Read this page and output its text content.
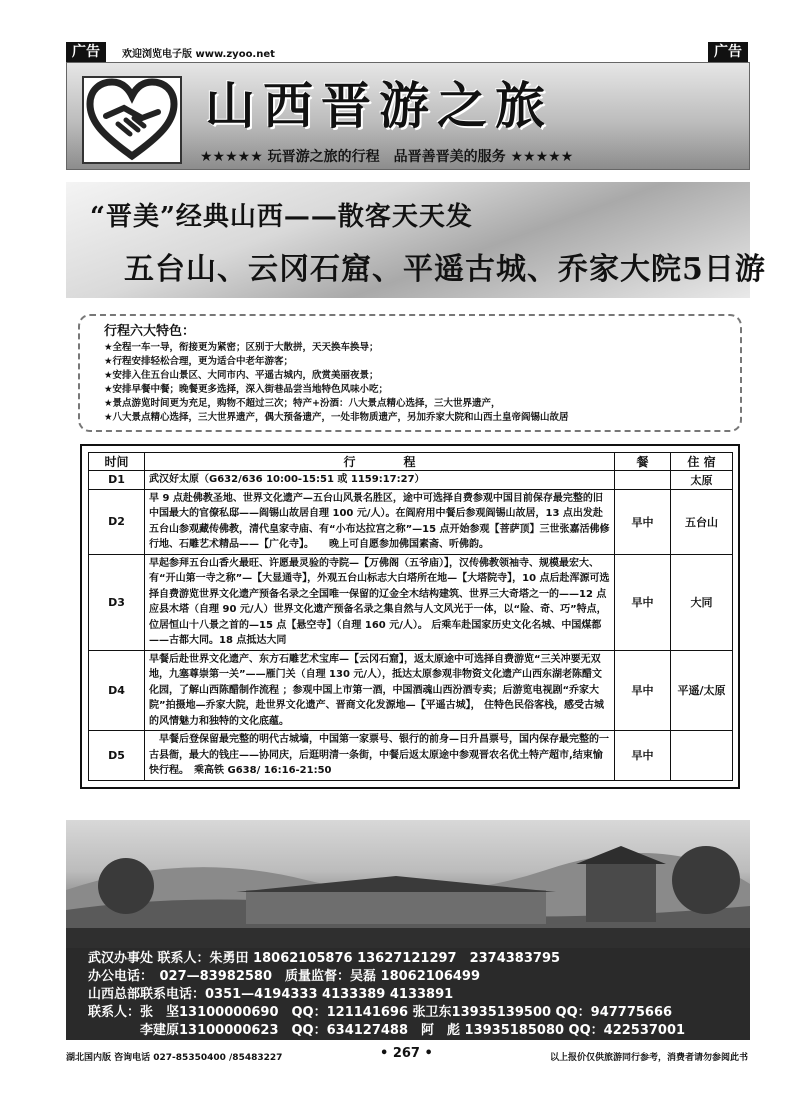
广告	欢迎浏览电子版 www.zyoo.net	广告
山西晋游之旅
★★★★★ 玩晋游之旅的行程　品晋善晋美的服务 ★★★★★
“晋美”经典山西——散客天天发
五台山、云冈石窟、平遥古城、乔家大院5日游
行程六大特色：
★全程一车一导，衔接更为紧密；区别于大散拼，天天换车换导；
★行程安排轻松合理，更为适合中老年游客；
★安排入住五台山景区、大同市内、平遥古城内，欣赏美丽夜景；
★安排早餐中餐；晚餐更多选择，深入街巷品尝当地特色风味小吃；
★景点游览时间更为充足，购物不超过三次；特产+汾酒：八大景点精心选择，三大世界遗产，
★八大景点精心选择，三大世界遗产，偶大预备遗产，一处非物质遗产，另加乔家大院和山西土皇帝阎锡山故居
时间	行　　　　程	餐	住 宿
D1	武汉好太原（G632/636 10:00-15:51 或 1159:17:27）		太原
D2	早 9 点赴佛教圣地、世界文化遗产—五台山风景名胜区，途中可选择自费参观中国目前保存最完整的旧中国最大的官僚私邸——阎锡山故居自理 100 元/人）。在阎府用中餐后参观阎锡山故居，13 点出发赴五台山参观藏传佛教，清代皇家寺庙、有“小布达拉宫之称”—15 点开始参观【菩萨顶】三世张嘉活佛修行地、石雕艺术精品——【广化寺】。　　晚上可自愿参加佛国素斋、听佛韵。	早中	五台山
D3	早起参拜五台山香火最旺、许愿最灵验的寺院—【万佛阁（五爷庙）】，汉传佛教领袖寺、规模最宏大、有“开山第一寺之称”—【大显通寺】，外观五台山标志大白塔所在地—【大塔院寺】，10 点后赴浑源可选择自费游览世界文化遗产预备名录之全国唯一保留的辽金全木结构建筑、世界三大奇塔之一的——12 点应县木塔（自理 90 元/人）世界文化遗产预备名录之集自然与人文风光于一体，以“险、奇、巧”特点，位居恒山十八景之首的—15 点【悬空寺】（自理 160 元/人）。 后乘车赴国家历史文化名城、中国煤都——古都大同。18 点抵达大同	早中	大同
D4	早餐后赴世界文化遗产、东方石雕艺术宝库—【云冈石窟】，返太原途中可选择自费游览“三关冲要无双地，九塞尊崇第一关”——雁门关（自理 130 元/人），抵达太原参观非物资文化遗产山西东湖老陈醋文化园，了解山西陈醋制作流程 ；参观中国上市第一酒，中国酒魂山西汾酒专卖；后游览电视剧“乔家大院”拍摄地—乔家大院，赴世界文化遗产、晋商文化发源地—【平遥古城】， 住特色民俗客栈，感受古城的风情魅力和独特的文化底蕴。	早中	平遥/太原
D5	　早餐后登保留最完整的明代古城墙，中国第一家票号、银行的前身—日升昌票号，国内保存最完整的一古县衙，最大的钱庄——协同庆，后逛明清一条街，中餐后返太原途中参观晋农名优土特产超市,结束愉快行程。　乘高铁 G638/ 16:16-21:50	早中	
武汉办事处 联系人：朱勇田 18062105876 13627121297　2374383795
办公电话：　027—83982580　质量监督：吴磊 18062106499
山西总部联系电话：0351—4194333 4133389 4133891
联系人：张　坚13100000690　QQ：121141696 张卫东13935139500 QQ：947775666
　　　　李建原13100000623　QQ：634127488　阿　彪 13935185080 QQ：422537001
湖北国内版 咨询电话 027-85350400 /85483227	• 267 •	以上报价仅供旅游同行参考，消费者请勿参阅此书
